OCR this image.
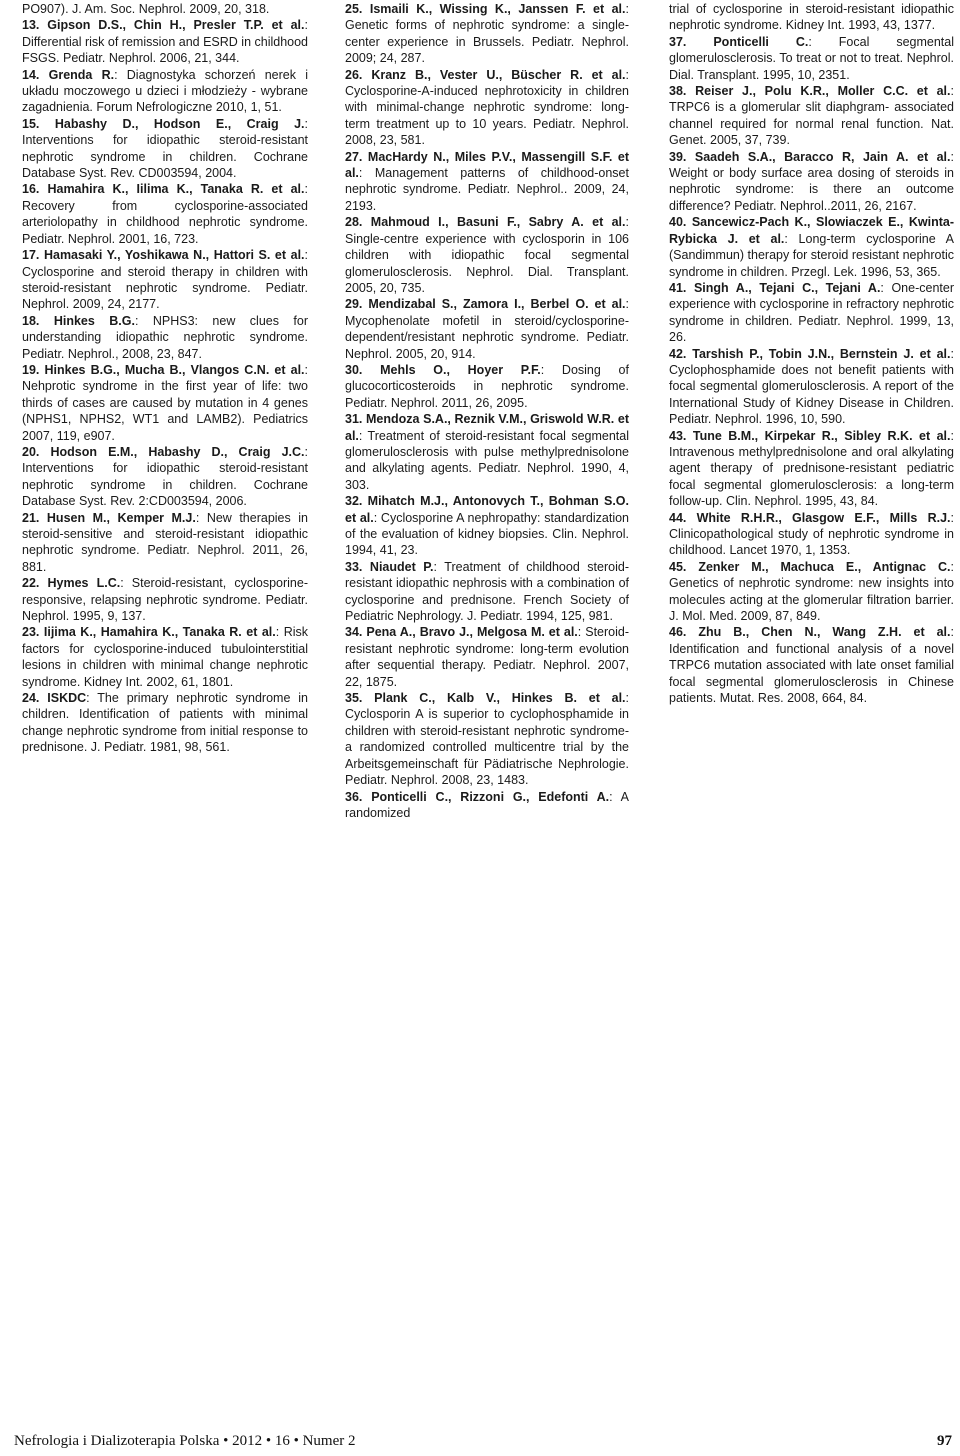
PO907). J. Am. Soc. Nephrol. 2009, 20, 318.

13. Gipson D.S., Chin H., Presler T.P. et al.: Differential risk of remission and ESRD in childhood FSGS. Pediatr. Nephrol. 2006, 21, 344.

14. Grenda R.: Diagnostyka schorzeń nerek i układu moczowego u dzieci i młodzieży - wybrane zagadnienia. Forum Nefrologiczne 2010, 1, 51.

15. Habashy D., Hodson E., Craig J.: Interventions for idiopathic steroid-resistant nephrotic syndrome in children. Cochrane Database Syst. Rev. CD003594, 2004.

16. Hamahira K., Iilima K., Tanaka R. et al.: Recovery from cyclosporine-associated arteriolopathy in childhood nephrotic syndrome. Pediatr. Nephrol. 2001, 16, 723.

17. Hamasaki Y., Yoshikawa N., Hattori S. et al.: Cyclosporine and steroid therapy in children with steroid-resistant nephrotic syndrome. Pediatr. Nephrol. 2009, 24, 2177.

18. Hinkes B.G.: NPHS3: new clues for understanding idiopathic nephrotic syndrome. Pediatr. Nephrol., 2008, 23, 847.

19. Hinkes B.G., Mucha B., Vlangos C.N. et al.: Nehprotic syndrome in the first year of life: two thirds of cases are caused by mutation in 4 genes (NPHS1, NPHS2, WT1 and LAMB2). Pediatrics 2007, 119, e907.

20. Hodson E.M., Habashy D., Craig J.C.: Interventions for idiopathic steroid-resistant nephrotic syndrome in children. Cochrane Database Syst. Rev. 2:CD003594, 2006.

21. Husen M., Kemper M.J.: New therapies in steroid-sensitive and steroid-resistant idiopathic nephrotic syndrome. Pediatr. Nephrol. 2011, 26, 881.

22. Hymes L.C.: Steroid-resistant, cyclosporine-responsive, relapsing nephrotic syndrome. Pediatr. Nephrol. 1995, 9, 137.

23. Iijima K., Hamahira K., Tanaka R. et al.: Risk factors for cyclosporine-induced tubulointerstitial lesions in children with minimal change nephrotic syndrome. Kidney Int. 2002, 61, 1801.

24. ISKDC: The primary nephrotic syndrome in children. Identification of patients with minimal change nephrotic syndrome from initial response to prednisone. J. Pediatr. 1981, 98, 561.

25. Ismaili K., Wissing K., Janssen F. et al.: Genetic forms of nephrotic syndrome: a single-center experience in Brussels. Pediatr. Nephrol. 2009; 24, 287.

26. Kranz B., Vester U., Büscher R. et al.: Cyclosporine-A-induced nephrotoxicity in children with minimal-change nephrotic syndrome: long-term treatment up to 10 years. Pediatr. Nephrol. 2008, 23, 581.

27. MacHardy N., Miles P.V., Massengill S.F. et al.: Management patterns of childhood-onset nephrotic syndrome. Pediatr. Nephrol.. 2009, 24, 2193.

28. Mahmoud I., Basuni F., Sabry A. et al.: Single-centre experience with cyclosporin in 106 children with idiopathic focal segmental glomerulosclerosis. Nephrol. Dial. Transplant. 2005, 20, 735.

29. Mendizabal S., Zamora I., Berbel O. et al.: Mycophenolate mofetil in steroid/cyclosporine-dependent/resistant nephrotic syndrome. Pediatr. Nephrol. 2005, 20, 914.

30. Mehls O., Hoyer P.F.: Dosing of glucocorticosteroids in nephrotic syndrome. Pediatr. Nephrol. 2011, 26, 2095.

31. Mendoza S.A., Reznik V.M., Griswold W.R. et al.: Treatment of steroid-resistant focal segmental glomerulosclerosis with pulse methylprednisolone and alkylating agents. Pediatr. Nephrol. 1990, 4, 303.

32. Mihatch M.J., Antonovych T., Bohman S.O. et al.: Cyclosporine A nephropathy: standardization of the evaluation of kidney biopsies. Clin. Nephrol. 1994, 41, 23.

33. Niaudet P.: Treatment of childhood steroid-resistant idiopathic nephrosis with a combination of cyclosporine and prednisone. French Society of Pediatric Nephrology. J. Pediatr. 1994, 125, 981.

34. Pena A., Bravo J., Melgosa M. et al.: Steroid-resistant nephrotic syndrome: long-term evolution after sequential therapy. Pediatr. Nephrol. 2007, 22, 1875.

35. Plank C., Kalb V., Hinkes B. et al.: Cyclosporin A is superior to cyclophosphamide in children with steroid-resistant nephrotic syndrome-a randomized controlled multicentre trial by the Arbeitsgemeinschaft für Pädiatrische Nephrologie. Pediatr. Nephrol. 2008, 23, 1483.

36. Ponticelli C., Rizzoni G., Edefonti A.: A randomized

trial of cyclosporine in steroid-resistant idiopathic nephrotic syndrome. Kidney Int. 1993, 43, 1377.

37. Ponticelli C.: Focal segmental glomerulosclerosis. To treat or not to treat. Nephrol. Dial. Transplant. 1995, 10, 2351.

38. Reiser J., Polu K.R., Moller C.C. et al.: TRPC6 is a glomerular slit diaphgram- associated channel required for normal renal function. Nat. Genet. 2005, 37, 739.

39. Saadeh S.A., Baracco R, Jain A. et al.: Weight or body surface area dosing of steroids in nephrotic syndrome: is there an outcome difference? Pediatr. Nephrol..2011, 26, 2167.

40. Sancewicz-Pach K., Slowiaczek E., Kwinta-Rybicka J. et al.: Long-term cyclosporine A (Sandimmun) therapy for steroid resistant nephrotic syndrome in children. Przegl. Lek. 1996, 53, 365.

41. Singh A., Tejani C., Tejani A.: One-center experience with cyclosporine in refractory nephrotic syndrome in children. Pediatr. Nephrol. 1999, 13, 26.

42. Tarshish P., Tobin J.N., Bernstein J. et al.: Cyclophosphamide does not benefit patients with focal segmental glomerulosclerosis. A report of the International Study of Kidney Disease in Children. Pediatr. Nephrol. 1996, 10, 590.

43. Tune B.M., Kirpekar R., Sibley R.K. et al.: Intravenous methylprednisolone and oral alkylating agent therapy of prednisone-resistant pediatric focal segmental glomerulosclerosis: a long-term follow-up. Clin. Nephrol. 1995, 43, 84.

44. White R.H.R., Glasgow E.F., Mills R.J.: Clinicopathological study of nephrotic syndrome in childhood. Lancet 1970, 1, 1353.

45. Zenker M., Machuca E., Antignac C.: Genetics of nephrotic syndrome: new insights into molecules acting at the glomerular filtration barrier. J. Mol. Med. 2009, 87, 849.

46. Zhu B., Chen N., Wang Z.H. et al.: Identification and functional analysis of a novel TRPC6 mutation associated with late onset familial focal segmental glomerulosclerosis in Chinese patients. Mutat. Res. 2008, 664, 84.

Nefrologia i Dializoterapia Polska • 2012 • 16 • Numer 2	97
